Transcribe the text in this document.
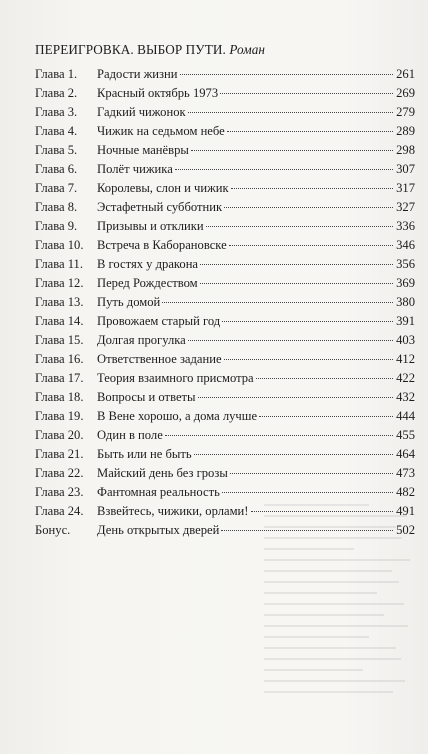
ПЕРЕИГРОВКА. ВЫБОР ПУТИ. Роман
Глава 1. Радости жизни	261
Глава 2. Красный октябрь 1973	269
Глава 3. Гадкий чижонок	279
Глава 4. Чижик на седьмом небе	289
Глава 5. Ночные манёвры	298
Глава 6. Полёт чижика	307
Глава 7. Королевы, слон и чижик	317
Глава 8. Эстафетный субботник	327
Глава 9. Призывы и отклики	336
Глава 10. Встреча в Каборановске	346
Глава 11. В гостях у дракона	356
Глава 12. Перед Рождеством	369
Глава 13. Путь домой	380
Глава 14. Провожаем старый год	391
Глава 15. Долгая прогулка	403
Глава 16. Ответственное задание	412
Глава 17. Теория взаимного присмотра	422
Глава 18. Вопросы и ответы	432
Глава 19. В Вене хорошо, а дома лучше	444
Глава 20. Один в поле	455
Глава 21. Быть или не быть	464
Глава 22. Майский день без грозы	473
Глава 23. Фантомная реальность	482
Глава 24. Взвейтесь, чижики, орлами!	491
Бонус. День открытых дверей	502
